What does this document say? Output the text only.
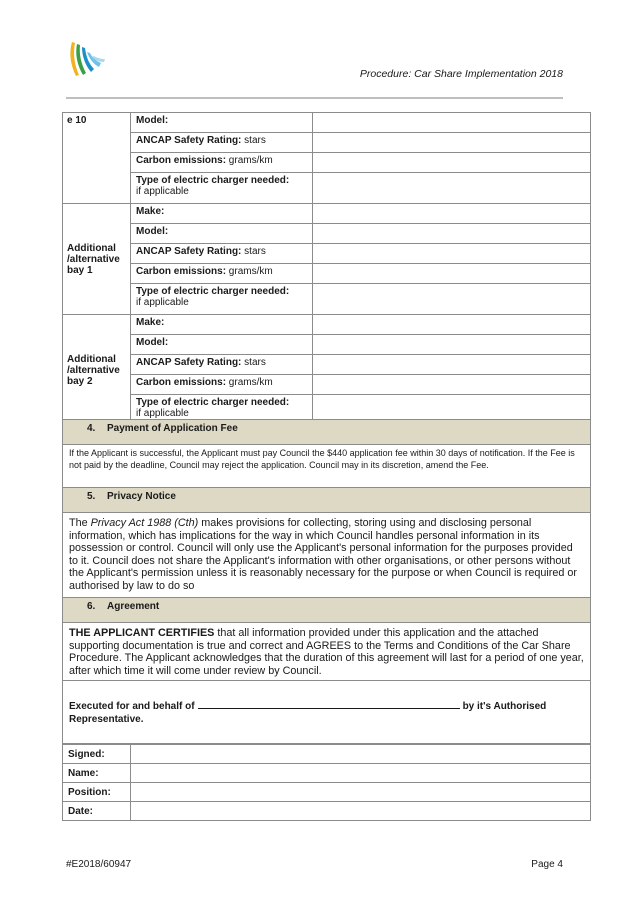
Procedure: Car Share Implementation 2018
e 10	Model:	
	ANCAP Safety Rating: stars	
	Carbon emissions: grams/km	
	Type of electric charger needed:
if applicable	
Additional /alternative bay 1	Make:	
	Model:	
	ANCAP Safety Rating: stars	
	Carbon emissions: grams/km	
	Type of electric charger needed:
if applicable	
Additional /alternative bay 2	Make:	
	Model:	
	ANCAP Safety Rating: stars	
	Carbon emissions: grams/km	
	Type of electric charger needed:
if applicable	
4. Payment of Application Fee
If the Applicant is successful, the Applicant must pay Council the $440 application fee within 30 days of notification. If the Fee is not paid by the deadline, Council may reject the application. Council may in its discretion, amend the Fee.
5. Privacy Notice
The Privacy Act 1988 (Cth) makes provisions for collecting, storing using and disclosing personal information, which has implications for the way in which Council handles personal information in its possession or control. Council will only use the Applicant's personal information for the purposes provided to it. Council does not share the Applicant's information with other organisations, or other persons without the Applicant's permission unless it is reasonably necessary for the purpose or when Council is required or authorised by law to do so
6. Agreement
THE APPLICANT CERTIFIES that all information provided under this application and the attached supporting documentation is true and correct and AGREES to the Terms and Conditions of the Car Share Procedure. The Applicant acknowledges that the duration of this agreement will last for a period of one year, after which time it will come under review by Council.
Executed for and behalf of	by it's Authorised Representative.
Signed:	
Name:	
Position:	
Date:	
#E2018/60947	Page 4
